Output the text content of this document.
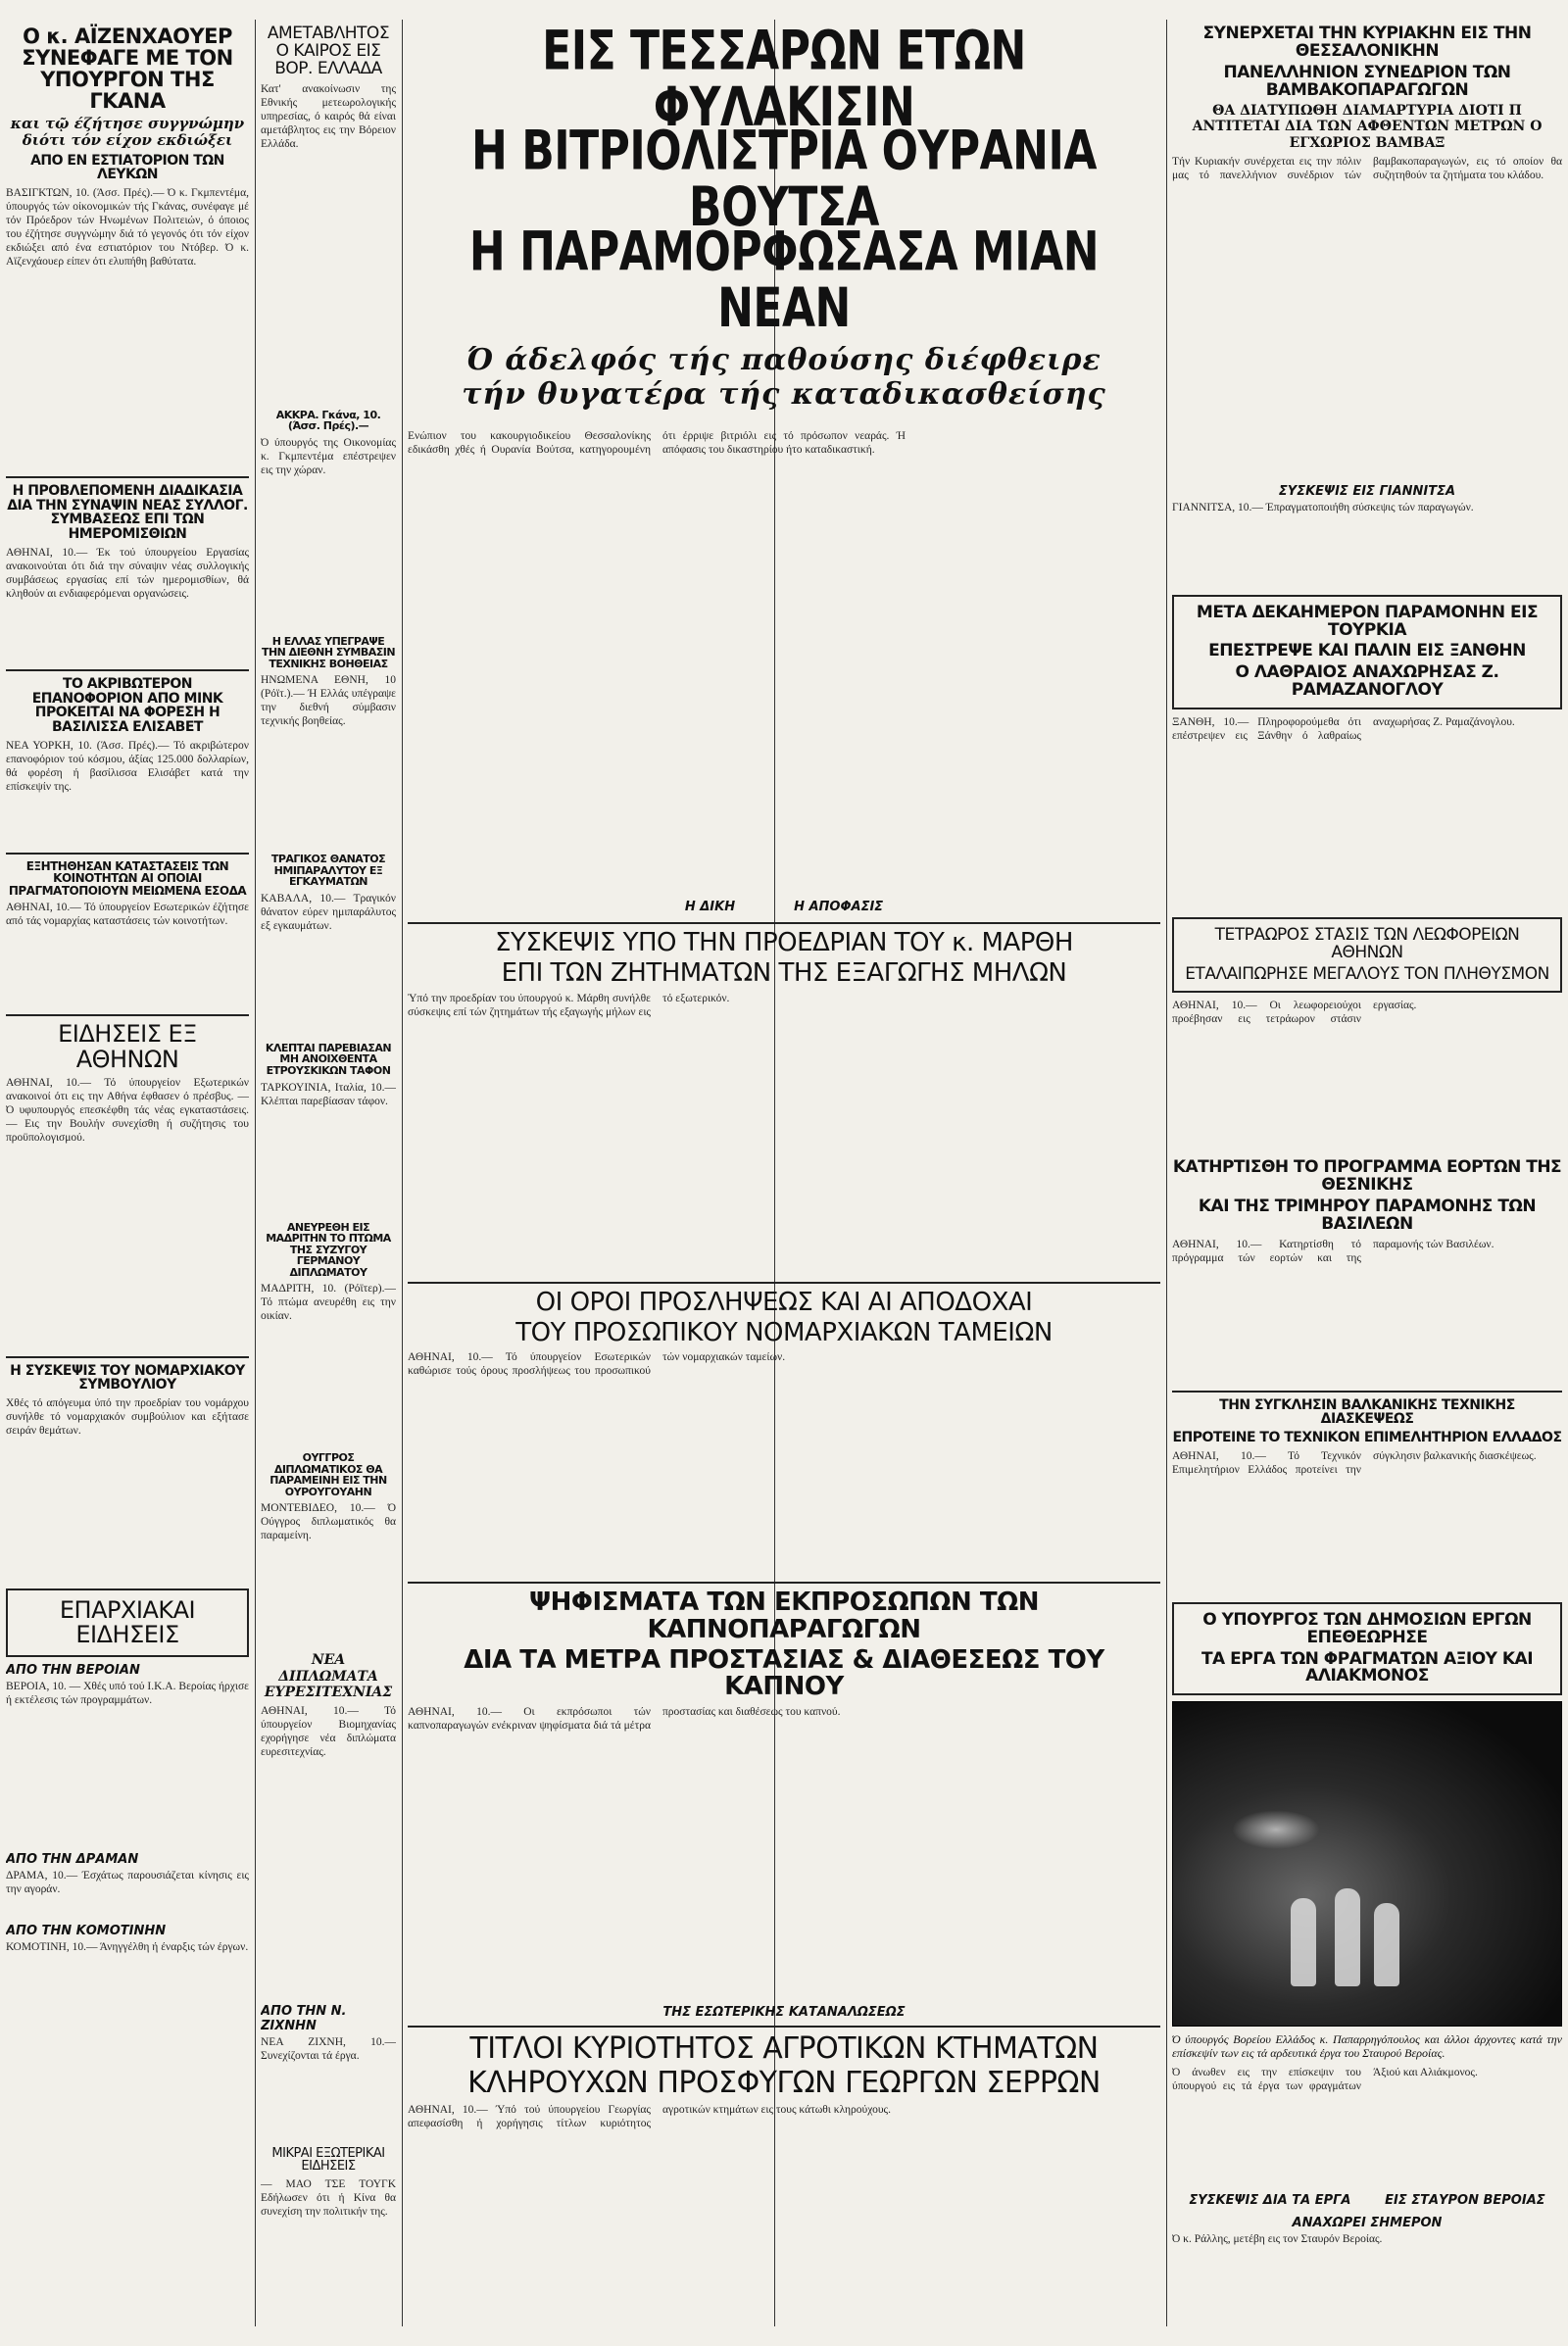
Ο κ. ΑΪΖΕΝΧΑΟΥΕΡ ΣΥΝΕΦΑΓΕ ΜΕ ΤΟΝ ΥΠΟΥΡΓΟΝ ΤΗΣ ΓΚΑΝΑ
και τῷ έζήτησε συγγνώμην διότι τόν είχον εκδιώξει
ΑΠΟ ΕΝ ΕΣΤΙΑΤΟΡΙΟΝ ΤΩΝ ΛΕΥΚΩΝ
ΒΑΣΙΓΚΤΩΝ, 10. (Άσσ. Πρές).— Ό κ. Γκμπεντέμα, ύπουργός τών οίκονομικών τής Γκάνας, συνέφαγε μέ τόν Πρόεδρον τών Ηνωμένων Πολιτειών, ό όποιος του έζήτησε συγγνώμην διά τό γεγονός ότι τόν είχον εκδιώξει από ένα εστιατόριον του Ντόβερ. Ό κ. Αϊζενχάουερ είπεν ότι ελυπήθη βαθύτατα.
Η ΠΡΟΒΛΕΠΟΜΕΝΗ ΔΙΑΔΙΚΑΣΙΑ ΔΙΑ ΤΗΝ ΣΥΝΑΨΙΝ ΝΕΑΣ ΣΥΛΛΟΓ. ΣΥΜΒΑΣΕΩΣ ΕΠΙ ΤΩΝ ΗΜΕΡΟΜΙΣΘΙΩΝ
ΑΘΗΝΑΙ, 10.— Έκ τού ύπουργείου Εργασίας ανακοινούται ότι διά την σύναψιν νέας συλλογικής συμβάσεως εργασίας επί τών ημερομισθίων, θά κληθούν αι ενδιαφερόμεναι οργανώσεις.
ΤΟ ΑΚΡΙΒΩΤΕΡΟΝ ΕΠΑΝΟΦΟΡΙΟΝ ΑΠΟ ΜΙΝΚ ΠΡΟΚΕΙΤΑΙ ΝΑ ΦΟΡΕΣΗ Η ΒΑΣΙΛΙΣΣΑ ΕΛΙΣΑΒΕΤ
ΝΕΑ ΥΟΡΚΗ, 10. (Άσσ. Πρές).— Τό ακριβώτερον επανοφόριον τού κόσμου, άξίας 125.000 δολλαρίων, θά φορέση ή βασίλισσα Ελισάβετ κατά την επίσκεψίν της.
ΕΞΗΤΗΘΗΣΑΝ ΚΑΤΑΣΤΑΣΕΙΣ ΤΩΝ ΚΟΙΝΟΤΗΤΩΝ ΑΙ ΟΠΟΙΑΙ ΠΡΑΓΜΑΤΟΠΟΙΟΥΝ ΜΕΙΩΜΕΝΑ ΕΣΟΔΑ
ΑΘΗΝΑΙ, 10.— Τό ύπουργείον Εσωτερικών έζήτησε από τάς νομαρχίας καταστάσεις τών κοινοτήτων.
ΕΙΔΗΣΕΙΣ ΕΞ ΑΘΗΝΩΝ
ΑΘΗΝΑΙ, 10.— Τό ύπουργείον Εξωτερικών ανακοινοί ότι εις την Αθήνα έφθασεν ό πρέσβυς. — Ό υφυπουργός επεσκέφθη τάς νέας εγκαταστάσεις. — Εις την Βουλήν συνεχίσθη ή συζήτησις του προϋπολογισμού.
Η ΣΥΣΚΕΨΙΣ ΤΟΥ ΝΟΜΑΡΧΙΑΚΟΥ ΣΥΜΒΟΥΛΙΟΥ
Χθές τό απόγευμα ύπό την προεδρίαν του νομάρχου συνήλθε τό νομαρχιακόν συμβούλιον και εξήτασε σειράν θεμάτων.
ΕΠΑΡΧΙΑΚΑΙ ΕΙΔΗΣΕΙΣ
ΑΠΟ ΤΗΝ ΒΕΡΟΙΑΝ
ΒΕΡΟΙΑ, 10. — Χθές υπό τού Ι.Κ.Α. Βεροίας ήρχισε ή εκτέλεσις τών προγραμμάτων.
ΑΠΟ ΤΗΝ ΔΡΑΜΑΝ
ΔΡΑΜΑ, 10.— Έσχάτως παρουσιάζεται κίνησις εις την αγοράν.
ΑΠΟ ΤΗΝ ΚΟΜΟΤΙΝΗΝ
ΚΟΜΟΤΙΝΗ, 10.— Άνηγγέλθη ή έναρξις τών έργων.
ΑΜΕΤΑΒΛΗΤΟΣ Ο ΚΑΙΡΟΣ ΕΙΣ ΒΟΡ. ΕΛΛΑΔΑ
Κατ' ανακοίνωσιν της Εθνικής μετεωρολογικής υπηρεσίας, ό καιρός θά είναι αμετάβλητος εις την Βόρειον Ελλάδα.
ΑΚΚΡΑ. Γκάνα, 10. (Άσσ. Πρές).—
Ό ύπουργός της Οικονομίας κ. Γκμπεντέμα επέστρεψεν εις την χώραν.
Η ΕΛΛΑΣ ΥΠΕΓΡΑΨΕ ΤΗΝ ΔΙΕΘΝΗ ΣΥΜΒΑΣΙΝ ΤΕΧΝΙΚΗΣ ΒΟΗΘΕΙΑΣ
ΗΝΩΜΕΝΑ ΕΘΝΗ, 10 (Ρόϊτ.).— Ή Ελλάς υπέγραψε την διεθνή σύμβασιν τεχνικής βοηθείας.
ΤΡΑΓΙΚΟΣ ΘΑΝΑΤΟΣ ΗΜΙΠΑΡΑΛΥΤΟΥ ΕΞ ΕΓΚΑΥΜΑΤΩΝ
ΚΑΒΑΛΑ, 10.— Τραγικόν θάνατον εύρεν ημιπαράλυτος εξ εγκαυμάτων.
ΚΛΕΠΤΑΙ ΠΑΡΕΒΙΑΣΑΝ ΜΗ ΑΝΟΙΧΘΕΝΤΑ ΕΤΡΟΥΣΚΙΚΩΝ ΤΑΦΟΝ
ΤΑΡΚΟΥΙΝΙΑ, Ιταλία, 10.— Κλέπται παρεβίασαν τάφον.
ΑΝΕΥΡΕΘΗ ΕΙΣ ΜΑΔΡΙΤΗΝ ΤΟ ΠΤΩΜΑ ΤΗΣ ΣΥΖΥΓΟΥ ΓΕΡΜΑΝΟΥ ΔΙΠΛΩΜΑΤΟΥ
ΜΑΔΡΙΤΗ, 10. (Ρόϊτερ).— Τό πτώμα ανευρέθη εις την οικίαν.
ΟΥΓΓΡΟΣ ΔΙΠΛΩΜΑΤΙΚΟΣ ΘΑ ΠΑΡΑΜΕΙΝΗ ΕΙΣ ΤΗΝ ΟΥΡΟΥΓΟΥΑΗΝ
ΜΟΝΤΕΒΙΔΕΟ, 10.— Ό Ούγγρος διπλωματικός θα παραμείνη.
ΝΕΑ ΔΙΠΛΩΜΑΤΑ ΕΥΡΕΣΙΤΕΧΝΙΑΣ
ΑΘΗΝΑΙ, 10.— Τό ύπουργείον Βιομηχανίας εχορήγησε νέα διπλώματα ευρεσιτεχνίας.
ΑΠΟ ΤΗΝ Ν. ΖΙΧΝΗΝ
ΝΕΑ ΖΙΧΝΗ, 10.— Συνεχίζονται τά έργα.
ΜΙΚΡΑΙ ΕΞΩΤΕΡΙΚΑΙ ΕΙΔΗΣΕΙΣ
— ΜΑΟ ΤΣΕ ΤΟΥΓΚ Εδήλωσεν ότι ή Κίνα θα συνεχίση την πολιτικήν της.
ΕΙΣ ΤΕΣΣΑΡΩΝ ΕΤΩΝ ΦΥΛΑΚΙΣΙΝ
Η ΒΙΤΡΙΟΛΙΣΤΡΙΑ ΟΥΡΑΝΙΑ ΒΟΥΤΣΑ
Η ΠΑΡΑΜΟΡΦΩΣΑΣΑ ΜΙΑΝ ΝΕΑΝ
Ό άδελφός τής παθούσης διέφθειρε τήν θυγατέρα τής καταδικασθείσης
Ενώπιον του κακουργιοδικείου Θεσσαλονίκης εδικάσθη χθές ή Ουρανία Βούτσα, κατηγορουμένη ότι έρριψε βιτριόλι εις τό πρόσωπον νεαράς. Ή απόφασις του δικαστηρίου ήτο καταδικαστική.
Η ΔΙΚΗ	Η ΑΠΟΦΑΣΙΣ
ΣΥΣΚΕΨΙΣ ΥΠΟ ΤΗΝ ΠΡΟΕΔΡΙΑΝ ΤΟΥ κ. ΜΑΡΘΗ
ΕΠΙ ΤΩΝ ΖΗΤΗΜΑΤΩΝ ΤΗΣ ΕΞΑΓΩΓΗΣ ΜΗΛΩΝ
Ύπό την προεδρίαν του ύπουργού κ. Μάρθη συνήλθε σύσκεψις επί τών ζητημάτων τής εξαγωγής μήλων εις τό εξωτερικόν.
ΟΙ ΟΡΟΙ ΠΡΟΣΛΗΨΕΩΣ ΚΑΙ ΑΙ ΑΠΟΔΟΧΑΙ
ΤΟΥ ΠΡΟΣΩΠΙΚΟΥ ΝΟΜΑΡΧΙΑΚΩΝ ΤΑΜΕΙΩΝ
ΑΘΗΝΑΙ, 10.— Τό ύπουργείον Εσωτερικών καθώρισε τούς όρους προσλήψεως του προσωπικού τών νομαρχιακών ταμείων.
ΨΗΦΙΣΜΑΤΑ ΤΩΝ ΕΚΠΡΟΣΩΠΩΝ ΤΩΝ ΚΑΠΝΟΠΑΡΑΓΩΓΩΝ
ΔΙΑ ΤΑ ΜΕΤΡΑ ΠΡΟΣΤΑΣΙΑΣ & ΔΙΑΘΕΣΕΩΣ ΤΟΥ ΚΑΠΝΟΥ
ΑΘΗΝΑΙ, 10.— Οι εκπρόσωποι τών καπνοπαραγωγών ενέκριναν ψηφίσματα διά τά μέτρα προστασίας και διαθέσεως του καπνού.
ΤΗΣ ΕΣΩΤΕΡΙΚΗΣ ΚΑΤΑΝΑΛΩΣΕΩΣ
ΤΙΤΛΟΙ ΚΥΡΙΟΤΗΤΟΣ ΑΓΡΟΤΙΚΩΝ ΚΤΗΜΑΤΩΝ
ΚΛΗΡΟΥΧΩΝ ΠΡΟΣΦΥΓΩΝ ΓΕΩΡΓΩΝ ΣΕΡΡΩΝ
ΑΘΗΝΑΙ, 10.— Ύπό τού ύπουργείου Γεωργίας απεφασίσθη ή χορήγησις τίτλων κυριότητος αγροτικών κτημάτων εις τους κάτωθι κληρούχους.
ΣΥΝΕΡΧΕΤΑΙ ΤΗΝ ΚΥΡΙΑΚΗΝ ΕΙΣ ΤΗΝ ΘΕΣΣΑΛΟΝΙΚΗΝ
ΠΑΝΕΛΛΗΝΙΟΝ ΣΥΝΕΔΡΙΟΝ ΤΩΝ ΒΑΜΒΑΚΟΠΑΡΑΓΩΓΩΝ
ΘΑ ΔΙΑΤΥΠΩΘΗ ΔΙΑΜΑΡΤΥΡΙΑ ΔΙΟΤΙ Π ΑΝΤΙΤΕΤΑΙ ΔΙΑ ΤΩΝ ΑΦΘΕΝΤΩΝ ΜΕΤΡΩΝ Ο ΕΓΧΩΡΙΟΣ ΒΑΜΒΑΞ
Τήν Κυριακήν συνέρχεται εις την πόλιν μας τό πανελλήνιον συνέδριον τών βαμβακοπαραγωγών, εις τό οποίον θα συζητηθούν τα ζητήματα του κλάδου.
ΣΥΣΚΕΨΙΣ ΕΙΣ ΓΙΑΝΝΙΤΣΑ
ΓΙΑΝΝΙΤΣΑ, 10.— Έπραγματοποιήθη σύσκεψις τών παραγωγών.
ΜΕΤΑ ΔΕΚΑΗΜΕΡΟΝ ΠΑΡΑΜΟΝΗΝ ΕΙΣ ΤΟΥΡΚΙΑ
ΕΠΕΣΤΡΕΨΕ ΚΑΙ ΠΑΛΙΝ ΕΙΣ ΞΑΝΘΗΝ
Ο ΛΑΘΡΑΙΟΣ ΑΝΑΧΩΡΗΣΑΣ Ζ. ΡΑΜΑΖΑΝΟΓΛΟΥ
ΞΑΝΘΗ, 10.— Πληροφορούμεθα ότι επέστρεψεν εις Ξάνθην ό λαθραίως αναχωρήσας Ζ. Ραμαζάνογλου.
ΤΕΤΡΑΩΡΟΣ ΣΤΑΣΙΣ ΤΩΝ ΛΕΩΦΟΡΕΙΩΝ ΑΘΗΝΩΝ
ΕΤΑΛΑΙΠΩΡΗΣΕ ΜΕΓΑΛΟΥΣ ΤΟΝ ΠΛΗΘΥΣΜΟΝ
ΑΘΗΝΑΙ, 10.— Οι λεωφορειούχοι προέβησαν εις τετράωρον στάσιν εργασίας.
ΚΑΤΗΡΤΙΣΘΗ ΤΟ ΠΡΟΓΡΑΜΜΑ ΕΟΡΤΩΝ ΤΗΣ ΘΕΣΝΙΚΗΣ
ΚΑΙ ΤΗΣ ΤΡΙΜΗΡΟΥ ΠΑΡΑΜΟΝΗΣ ΤΩΝ ΒΑΣΙΛΕΩΝ
ΑΘΗΝΑΙ, 10.— Κατηρτίσθη τό πρόγραμμα τών εορτών και της παραμονής τών Βασιλέων.
ΤΗΝ ΣΥΓΚΛΗΣΙΝ ΒΑΛΚΑΝΙΚΗΣ ΤΕΧΝΙΚΗΣ ΔΙΑΣΚΕΨΕΩΣ
ΕΠΡΟΤΕΙΝΕ ΤΟ ΤΕΧΝΙΚΟΝ ΕΠΙΜΕΛΗΤΗΡΙΟΝ ΕΛΛΑΔΟΣ
ΑΘΗΝΑΙ, 10.— Τό Τεχνικόν Επιμελητήριον Ελλάδος προτείνει την σύγκλησιν βαλκανικής διασκέψεως.
Ο ΥΠΟΥΡΓΟΣ ΤΩΝ ΔΗΜΟΣΙΩΝ ΕΡΓΩΝ ΕΠΕΘΕΩΡΗΣΕ
ΤΑ ΕΡΓΑ ΤΩΝ ΦΡΑΓΜΑΤΩΝ ΑΞΙΟΥ ΚΑΙ ΑΛΙΑΚΜΟΝΟΣ
Ό ύπουργός Βορείου Ελλάδος κ. Παπαρρηγόπουλος και άλλοι άρχοντες κατά την επίσκεψίν των εις τά αρδευτικά έργα του Σταυρού Βεροίας.
Ό άνωθεν εις την επίσκεψιν του ύπουργού εις τά έργα των φραγμάτων Άξιού και Αλιάκμονος.
ΣΥΣΚΕΨΙΣ ΔΙΑ ΤΑ ΕΡΓΑ	ΕΙΣ ΣΤΑΥΡΟΝ ΒΕΡΟΙΑΣ
ΑΝΑΧΩΡΕΙ ΣΗΜΕΡΟΝ
Ό κ. Ράλλης, μετέβη εις τον Σταυρόν Βεροίας.
